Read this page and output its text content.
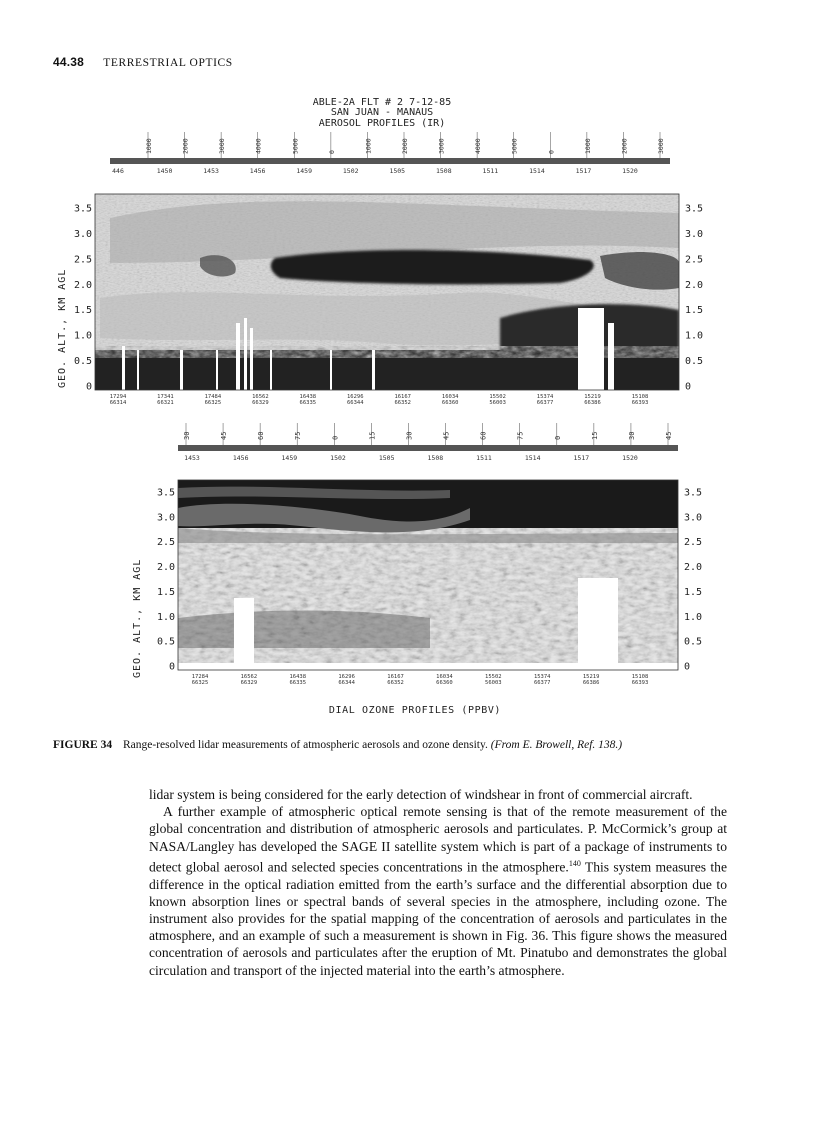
44.38 TERRESTRIAL OPTICS
ABLE-2A FLT # 2 7-12-85
SAN JUAN - MANAUS
AEROSOL PROFILES (IR)
1000	2000	3000	4000	5000	0	1000	2000	3000	4000	5000	0	1000	2000	3000
446	1450	1453	1456	1459	1502	1505	1508	1511	1514	1517	1520
3.5	3.5
3.0	3.0
2.5	2.5
2.0	2.0
1.5	1.5
1.0	1.0
0.5	0.5
0	0
GEO. ALT., KM AGL
17294
66314
17341
66321
17484
66325
16562
66329
16438
66335
16296
66344
16167
66352
16034
66360
15502
56003
15374
66377
15219
66386
15108
66393
30	45	60	75	0	15	30	45	60	75	0	15	30	45
1453	1456	1459	1502	1505	1508	1511	1514	1517	1520
3.5	3.5
3.0	3.0
2.5	2.5
2.0	2.0
1.5	1.5
1.0	1.0
0.5	0.5
0	0
GEO. ALT., KM AGL	17284
66325
16562
66329
16438
66335
16296
66344
16167
66352
16034
66360
15502
56003
15374
66377
15219
66386
15108
66393
DIAL OZONE PROFILES (PPBV)
FIGURE 34 Range-resolved lidar measurements of atmospheric aerosols and ozone density. (From E. Browell, Ref. 138.)

lidar system is being considered for the early detection of windshear in front of commercial aircraft.

A further example of atmospheric optical remote sensing is that of the remote measurement of the global concentration and distribution of atmospheric aerosols and particulates. P. McCormick’s group at NASA/Langley has developed the SAGE II satellite system which is part of a package of instruments to detect global aerosol and selected species concentrations in the atmosphere.$^{140}$ This system measures the difference in the optical radiation emitted from the earth’s surface and the differential absorption due to known absorption lines or spectral bands of several species in the atmosphere, including ozone. The instrument also provides for the spatial mapping of the concentration of aerosols and particulates in the atmosphere, and an example of such a measurement is shown in Fig. 36. This figure shows the measured concentration of aerosols and particulates after the eruption of Mt. Pinatubo and demonstrates the global circulation and transport of the injected material into the earth’s atmosphere.
